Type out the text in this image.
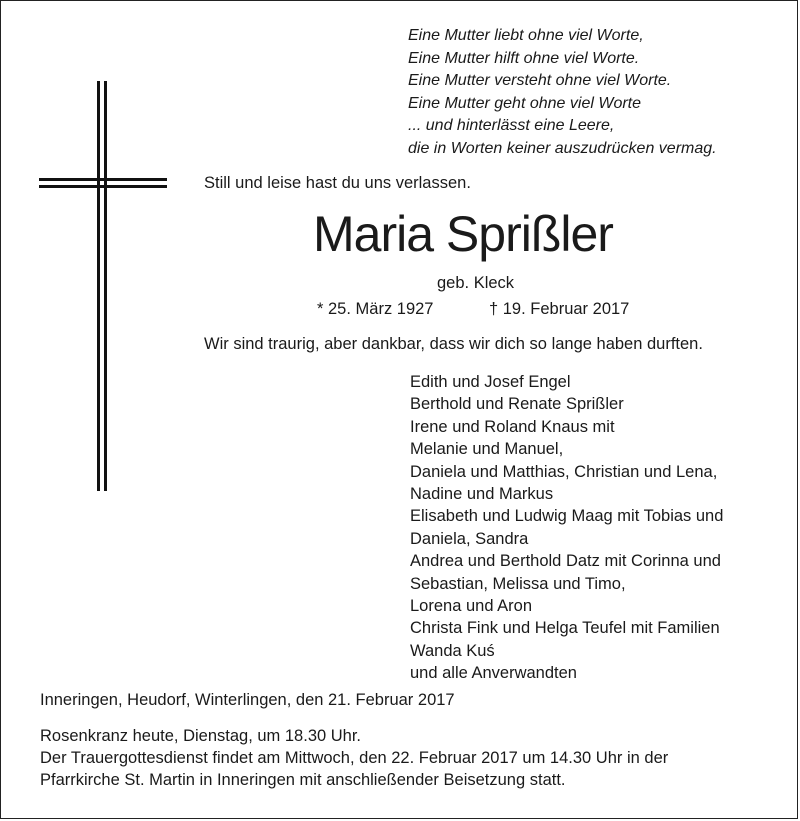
Eine Mutter liebt ohne viel Worte,
Eine Mutter hilft ohne viel Worte.
Eine Mutter versteht ohne viel Worte.
Eine Mutter geht ohne viel Worte
... und hinterlässt eine Leere,
die in Worten keiner auszudrücken vermag.
Still und leise hast du uns verlassen.
Maria Sprißler
geb. Kleck
* 25. März 1927	† 19. Februar 2017
Wir sind traurig, aber dankbar, dass wir dich so lange haben durften.
Edith und Josef Engel
Berthold und Renate Sprißler
Irene und Roland Knaus mit
Melanie und Manuel,
Daniela und Matthias, Christian und Lena,
Nadine und Markus
Elisabeth und Ludwig Maag mit Tobias und
Daniela, Sandra
Andrea und Berthold Datz mit Corinna und
Sebastian, Melissa und Timo,
Lorena und Aron
Christa Fink und Helga Teufel mit Familien
Wanda Kuś
und alle Anverwandten
Inneringen, Heudorf, Winterlingen, den 21. Februar 2017
Rosenkranz heute, Dienstag, um 18.30 Uhr.
Der Trauergottesdienst findet am Mittwoch, den 22. Februar 2017 um 14.30 Uhr in der
Pfarrkirche St. Martin in Inneringen mit anschließender Beisetzung statt.
